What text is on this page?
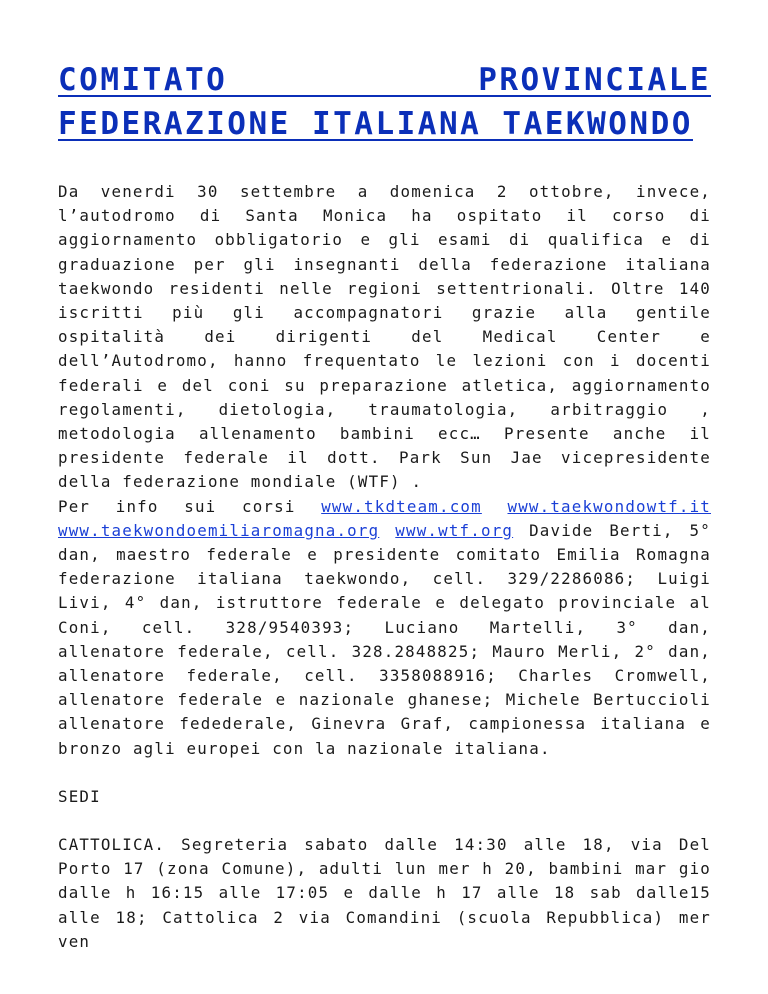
COMITATO PROVINCIALE FEDERAZIONE ITALIANA TAEKWONDO

Da venerdi 30 settembre a domenica 2 ottobre, invece, l’autodromo di Santa Monica ha ospitato il corso di aggiornamento obbligatorio e gli esami di qualifica e di graduazione per gli insegnanti della federazione italiana taekwondo residenti nelle regioni settentrionali. Oltre 140 iscritti più gli accompagnatori grazie alla gentile ospitalità dei dirigenti del Medical Center e dell’Autodromo, hanno frequentato le lezioni con i docenti federali e del coni su preparazione atletica, aggiornamento regolamenti, dietologia, traumatologia, arbitraggio , metodologia allenamento bambini ecc… Presente anche il presidente federale il dott. Park Sun Jae vicepresidente della federazione mondiale (WTF) .
Per info sui corsi www.tkdteam.com www.taekwondowtf.it www.taekwondoemiliaromagna.org www.wtf.org Davide Berti, 5° dan, maestro federale e presidente comitato Emilia Romagna federazione italiana taekwondo, cell. 329/2286086; Luigi Livi, 4° dan, istruttore federale e delegato provinciale al Coni, cell. 328/9540393; Luciano Martelli, 3° dan, allenatore federale, cell. 328.2848825; Mauro Merli, 2° dan, allenatore federale, cell. 3358088916; Charles Cromwell, allenatore federale e nazionale ghanese; Michele Bertuccioli allenatore fedederale, Ginevra Graf, campionessa italiana e bronzo agli europei con la nazionale italiana.

SEDI

CATTOLICA. Segreteria sabato dalle 14:30 alle 18, via Del Porto 17 (zona Comune), adulti lun mer h 20, bambini mar gio dalle h 16:15 alle 17:05 e dalle h 17 alle 18 sab dalle15 alle 18; Cattolica 2 via Comandini (scuola Repubblica) mer ven
